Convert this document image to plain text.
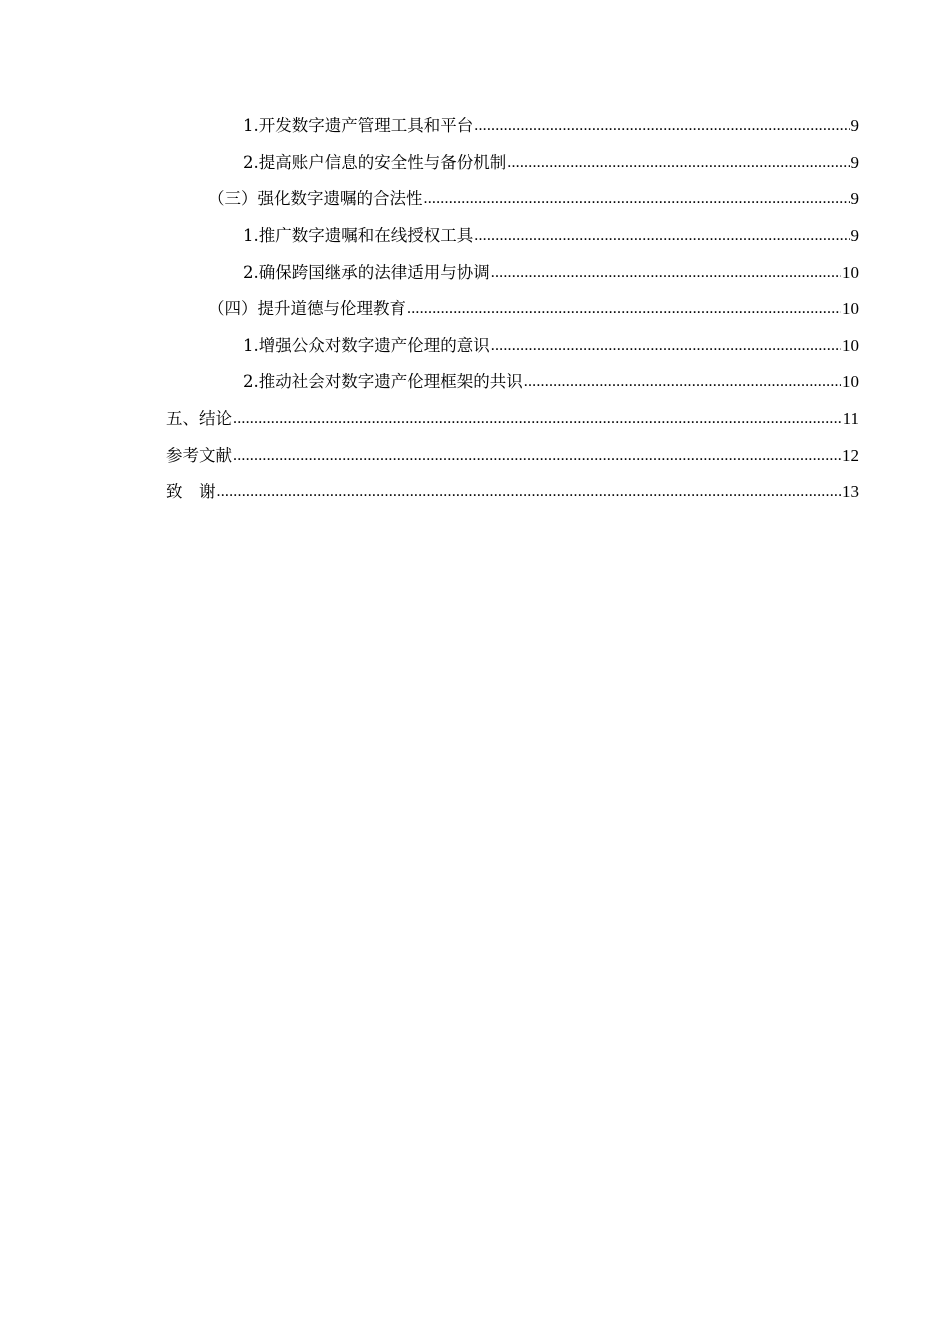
1.开发数字遗产管理工具和平台 .....	9
2.提高账户信息的安全性与备份机制 .....	9
（三）强化数字遗嘱的合法性 .....	9
1.推广数字遗嘱和在线授权工具 .....	9
2.确保跨国继承的法律适用与协调 .....	10
（四）提升道德与伦理教育 .....	10
1.增强公众对数字遗产伦理的意识 .....	10
2.推动社会对数字遗产伦理框架的共识 .....	10
五、结论 .....	11
参考文献 .....	12
致　谢 .....	13
